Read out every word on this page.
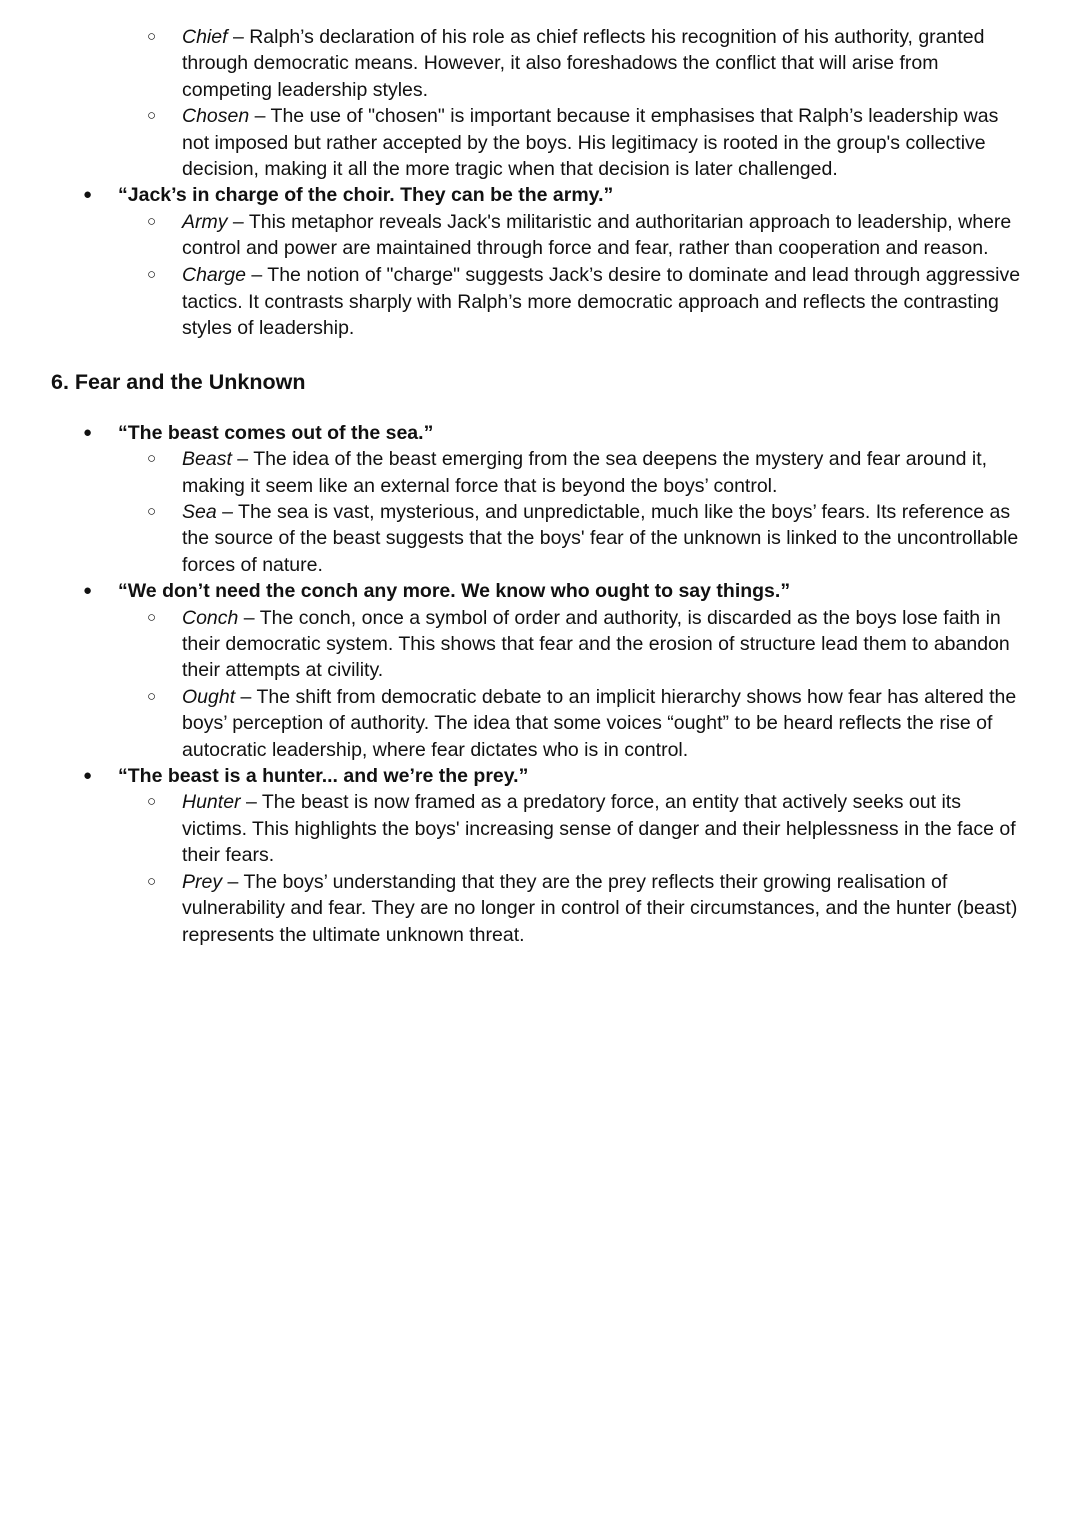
○ Chief – Ralph’s declaration of his role as chief reflects his recognition of his authority, granted through democratic means. However, it also foreshadows the conflict that will arise from competing leadership styles.
○ Chosen – The use of "chosen" is important because it emphasises that Ralph’s leadership was not imposed but rather accepted by the boys. His legitimacy is rooted in the group's collective decision, making it all the more tragic when that decision is later challenged.
● “Jack’s in charge of the choir. They can be the army.”

○ Army – This metaphor reveals Jack's militaristic and authoritarian approach to leadership, where control and power are maintained through force and fear, rather than cooperation and reason.
○ Charge – The notion of "charge" suggests Jack’s desire to dominate and lead through aggressive tactics. It contrasts sharply with Ralph’s more democratic approach and reflects the contrasting styles of leadership.
6. Fear and the Unknown
● “The beast comes out of the sea.”

○ Beast – The idea of the beast emerging from the sea deepens the mystery and fear around it, making it seem like an external force that is beyond the boys’ control.
○ Sea – The sea is vast, mysterious, and unpredictable, much like the boys’ fears. Its reference as the source of the beast suggests that the boys' fear of the unknown is linked to the uncontrollable forces of nature.
● “We don’t need the conch any more. We know who ought to say things.”

○ Conch – The conch, once a symbol of order and authority, is discarded as the boys lose faith in their democratic system. This shows that fear and the erosion of structure lead them to abandon their attempts at civility.
○ Ought – The shift from democratic debate to an implicit hierarchy shows how fear has altered the boys’ perception of authority. The idea that some voices “ought” to be heard reflects the rise of autocratic leadership, where fear dictates who is in control.
● “The beast is a hunter... and we’re the prey.”

○ Hunter – The beast is now framed as a predatory force, an entity that actively seeks out its victims. This highlights the boys' increasing sense of danger and their helplessness in the face of their fears.
○ Prey – The boys’ understanding that they are the prey reflects their growing realisation of vulnerability and fear. They are no longer in control of their circumstances, and the hunter (beast) represents the ultimate unknown threat.
